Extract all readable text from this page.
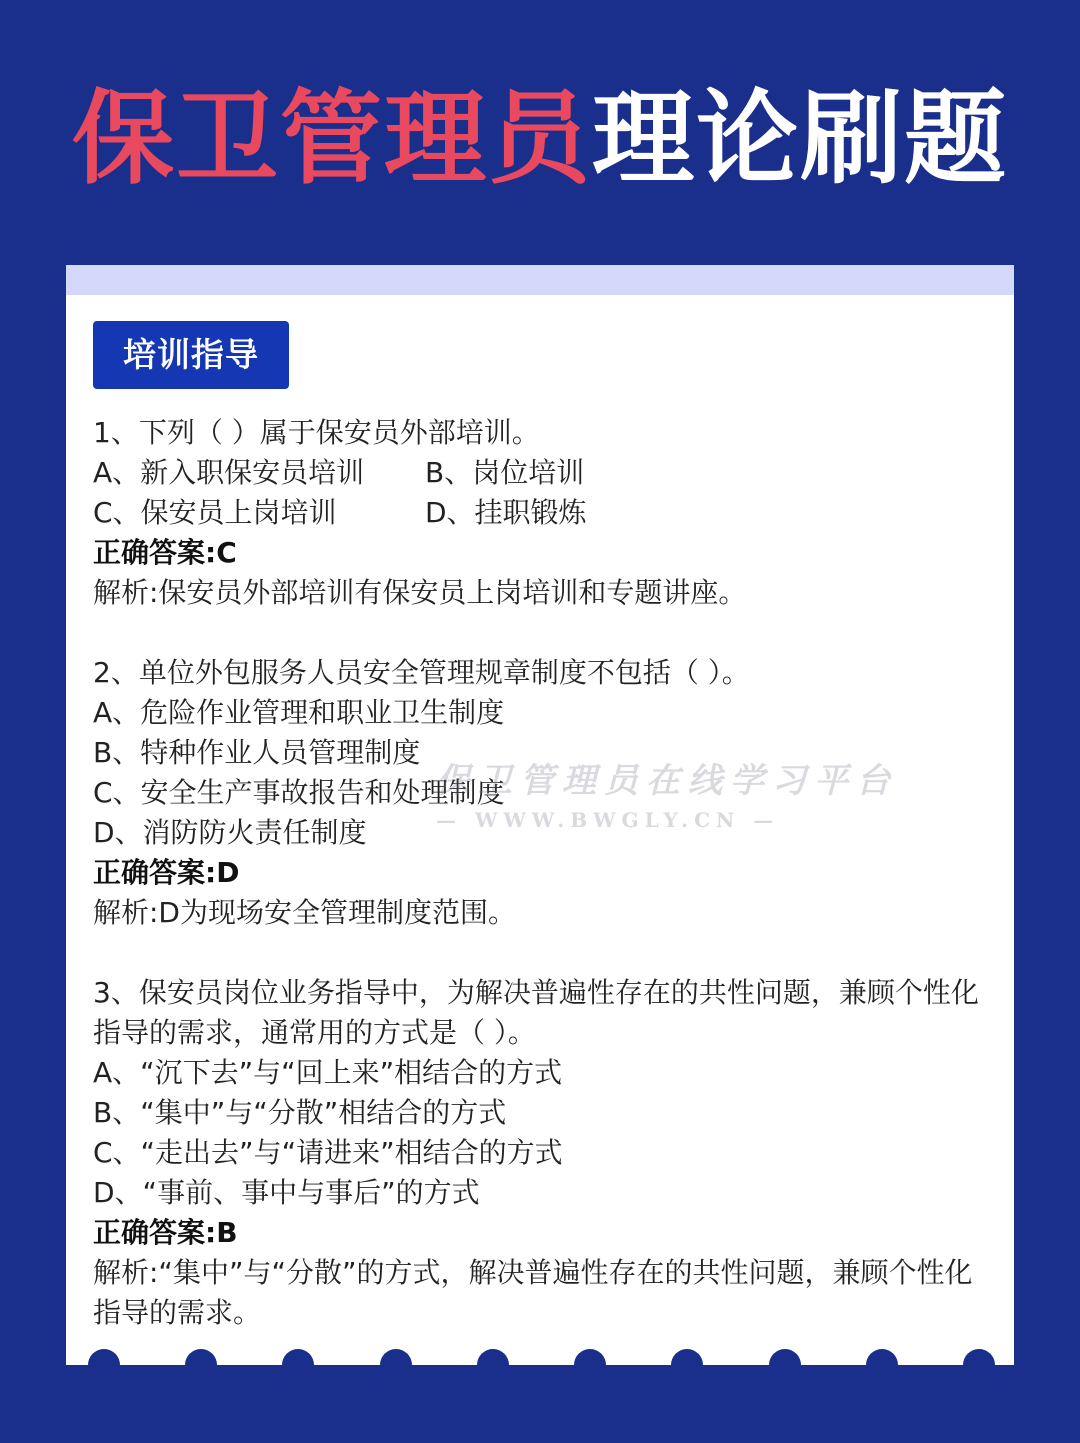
保卫管理员理论刷题
培训指导
1、下列（ ）属于保安员外部培训。
A、新入职保安员培训 B、岗位培训
C、保安员上岗培训	D、挂职锻炼
正确答案:C
解析:保安员外部培训有保安员上岗培训和专题讲座。
2、单位外包服务人员安全管理规章制度不包括（ ）。
A、危险作业管理和职业卫生制度
B、特种作业人员管理制度
C、安全生产事故报告和处理制度
D、消防防火责任制度
正确答案:D
解析:D为现场安全管理制度范围。
3、保安员岗位业务指导中，为解决普遍性存在的共性问题，兼顾个性化指导的需求，通常用的方式是（ ）。
A、“沉下去”与“回上来”相结合的方式
B、“集中”与“分散”相结合的方式
C、“走出去”与“请进来”相结合的方式
D、“事前、事中与事后”的方式
正确答案:B
解析:“集中”与“分散”的方式，解决普遍性存在的共性问题，兼顾个性化指导的需求。
保卫管理员在线学习平台
— WWW.BWGLY.CN —
